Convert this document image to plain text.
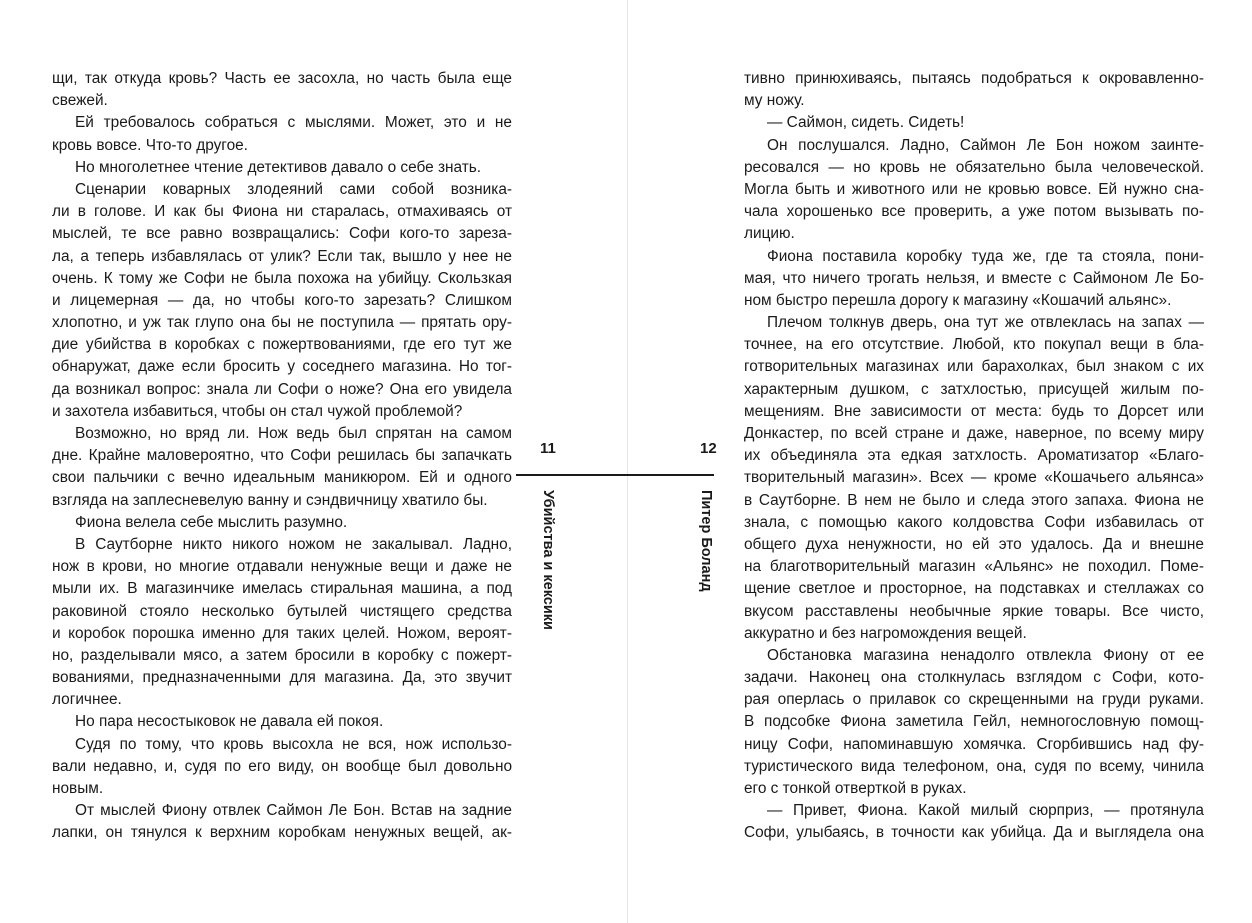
щи, так откуда кровь? Часть ее засохла, но часть была еще
свежей.
Ей требовалось собраться с мыслями. Может, это и не
кровь вовсе. Что-то другое.
Но многолетнее чтение детективов давало о себе знать.
Сценарии коварных злодеяний сами собой возника-
ли в голове. И как бы Фиона ни старалась, отмахиваясь от
мыслей, те все равно возвращались: Софи кого-то зареза-
ла, а теперь избавлялась от улик? Если так, вышло у нее не
очень. К тому же Софи не была похожа на убийцу. Скользкая
и лицемерная — да, но чтобы кого-то зарезать? Слишком
хлопотно, и уж так глупо она бы не поступила — прятать ору-
дие убийства в коробках с пожертвованиями, где его тут же
обнаружат, даже если бросить у соседнего магазина. Но тог-
да возникал вопрос: знала ли Софи о ноже? Она его увидела
и захотела избавиться, чтобы он стал чужой проблемой?
Возможно, но вряд ли. Нож ведь был спрятан на самом
дне. Крайне маловероятно, что Софи решилась бы запачкать
свои пальчики с вечно идеальным маникюром. Ей и одного
взгляда на заплесневелую ванну и сэндвичницу хватило бы.
Фиона велела себе мыслить разумно.
В Саутборне никто никого ножом не закалывал. Ладно,
нож в крови, но многие отдавали ненужные вещи и даже не
мыли их. В магазинчике имелась стиральная машина, а под
раковиной стояло несколько бутылей чистящего средства
и коробок порошка именно для таких целей. Ножом, вероят-
но, разделывали мясо, а затем бросили в коробку с пожерт-
вованиями, предназначенными для магазина. Да, это звучит
логичнее.
Но пара несостыковок не давала ей покоя.
Судя по тому, что кровь высохла не вся, нож использо-
вали недавно, и, судя по его виду, он вообще был довольно
новым.
От мыслей Фиону отвлек Саймон Ле Бон. Встав на задние
лапки, он тянулся к верхним коробкам ненужных вещей, ак-
тивно принюхиваясь, пытаясь подобраться к окровавленно-
му ножу.
— Саймон, сидеть. Сидеть!
Он послушался. Ладно, Саймон Ле Бон ножом заинте-
ресовался — но кровь не обязательно была человеческой.
Могла быть и животного или не кровью вовсе. Ей нужно сна-
чала хорошенько все проверить, а уже потом вызывать по-
лицию.
Фиона поставила коробку туда же, где та стояла, пони-
мая, что ничего трогать нельзя, и вместе с Саймоном Ле Бо-
ном быстро перешла дорогу к магазину «Кошачий альянс».
Плечом толкнув дверь, она тут же отвлеклась на запах —
точнее, на его отсутствие. Любой, кто покупал вещи в бла-
готворительных магазинах или барахолках, был знаком с их
характерным душком, с затхлостью, присущей жилым по-
мещениям. Вне зависимости от места: будь то Дорсет или
Донкастер, по всей стране и даже, наверное, по всему миру
их объединяла эта едкая затхлость. Ароматизатор «Благо-
творительный магазин». Всех — кроме «Кошачьего альянса»
в Саутборне. В нем не было и следа этого запаха. Фиона не
знала, с помощью какого колдовства Софи избавилась от
общего духа ненужности, но ей это удалось. Да и внешне
на благотворительный магазин «Альянс» не походил. Поме-
щение светлое и просторное, на подставках и стеллажах со
вкусом расставлены необычные яркие товары. Все чисто,
аккуратно и без нагромождения вещей.
Обстановка магазина ненадолго отвлекла Фиону от ее
задачи. Наконец она столкнулась взглядом с Софи, кото-
рая оперлась о прилавок со скрещенными на груди руками.
В подсобке Фиона заметила Гейл, немногословную помощ-
ницу Софи, напоминавшую хомячка. Сгорбившись над фу-
туристического вида телефоном, она, судя по всему, чинила
его с тонкой отверткой в руках.
— Привет, Фиона. Какой милый сюрприз, — протянула
Софи, улыбаясь, в точности как убийца. Да и выглядела она
11	12
Убийства и кексики	Питер Боланд
